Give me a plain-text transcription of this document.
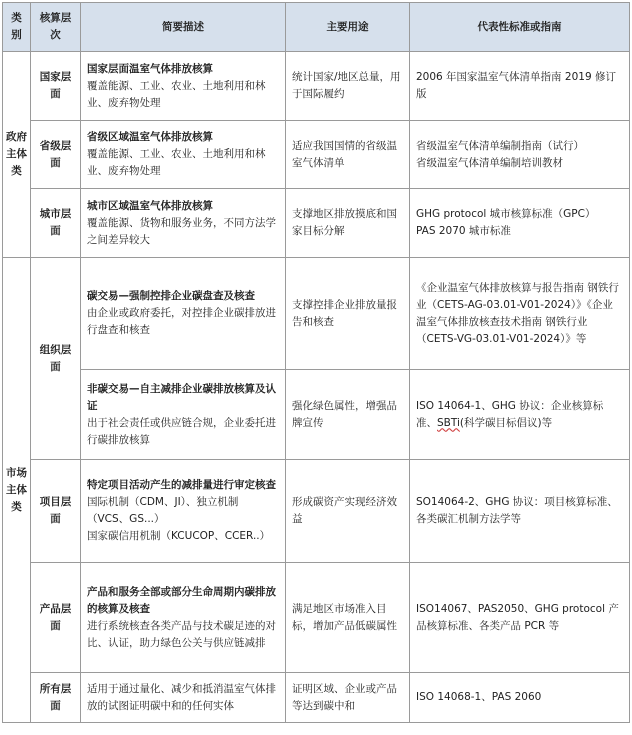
类别	核算层次	简要描述	主要用途	代表性标准或指南
政府主体类	国家层面	国家层面温室气体排放核算
覆盖能源、工业、农业、土地利用和林业、废弃物处理	统计国家/地区总量，用于国际履约	2006 年国家温室气体清单指南 2019 修订版
	省级层面	省级区域温室气体排放核算
覆盖能源、工业、农业、土地利用和林业、废弃物处理	适应我国国情的省级温室气体清单	省级温室气体清单编制指南（试行）
省级温室气体清单编制培训教材

	城市层面	城市区域温室气体排放核算
覆盖能源、货物和服务业务，不同方法学之间差异较大	支撑地区排放摸底和国家目标分解	GHG protocol 城市核算标准（GPC）
PAS 2070 城市标准

市场主体类	组织层面	碳交易—强制控排企业碳盘查及核查
由企业或政府委托，对控排企业碳排放进行盘查和核查	支撑控排企业排放量报告和核查	《企业温室气体排放核算与报告指南 钢铁行业（CETS-AG-03.01-V01-2024）》《企业温室气体排放核查技术指南 钢铁行业（CETS-VG-03.01-V01-2024）》等

		非碳交易—自主减排企业碳排放核算及认证
出于社会责任或供应链合规，企业委托进行碳排放核算	强化绿色属性，增强品牌宣传	ISO 14064-1、GHG 协议：企业核算标准、SBTi(科学碳目标倡议)等
	项目层面	特定项目活动产生的减排量进行审定核查
国际机制（CDM、JI）、独立机制（VCS、GS...）
国家碳信用机制（KCUCOP、CCER..）	形成碳资产实现经济效益	SO14064-2、GHG 协议：项目核算标准、各类碳汇机制方法学等
	产品层面	产品和服务全部或部分生命周期内碳排放的核算及核查
进行系统核查各类产品与技术碳足迹的对比、认证，助力绿色公关与供应链减排	满足地区市场准入目标，增加产品低碳属性	ISO14067、PAS2050、GHG protocol 产品核算标准、各类产品 PCR 等
	所有层面	适用于通过量化、减少和抵消温室气体排放的试图证明碳中和的任何实体	证明区域、企业或产品等达到碳中和	ISO 14068-1、PAS 2060
